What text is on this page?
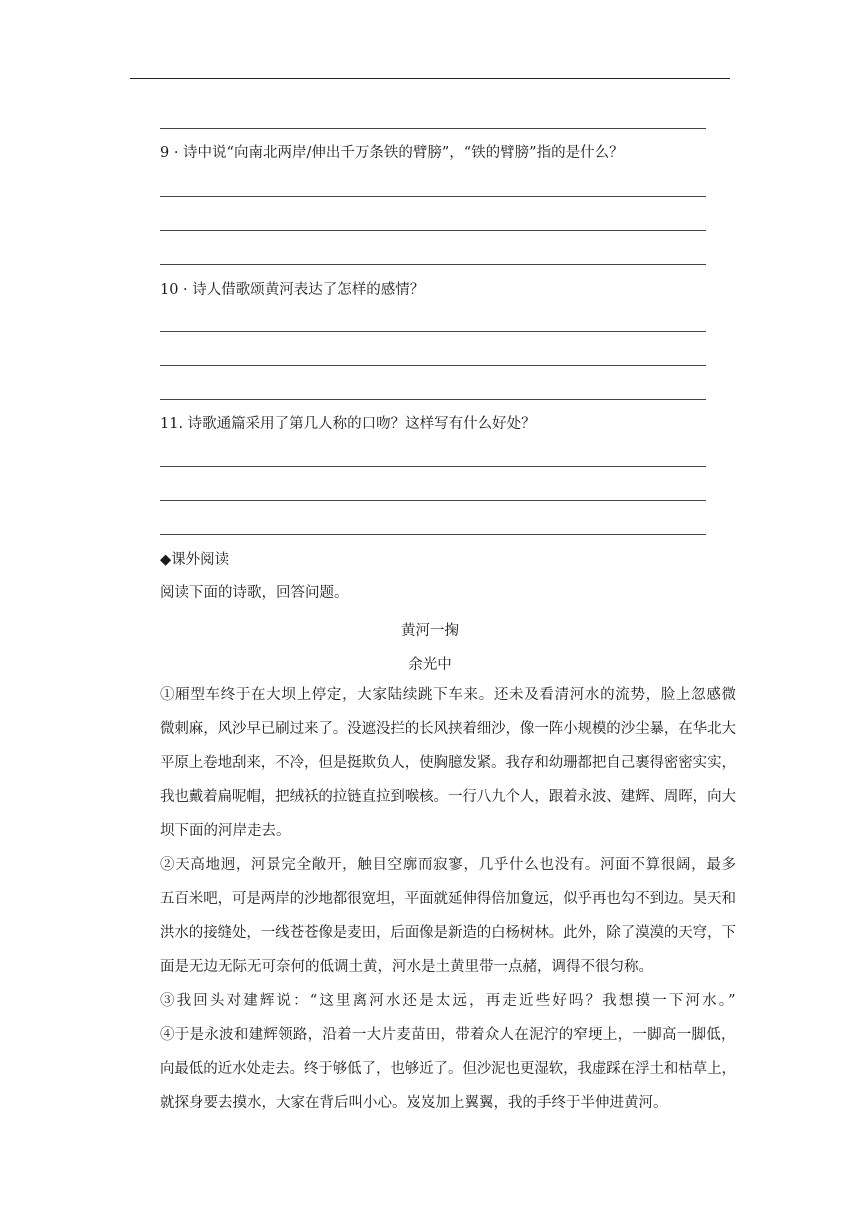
9 · 诗中说“向南北两岸/伸出千万条铁的臂膀”，“铁的臂膀”指的是什么？
10 · 诗人借歌颂黄河表达了怎样的感情？
11. 诗歌通篇采用了第几人称的口吻？这样写有什么好处？
◆课外阅读
阅读下面的诗歌，回答问题。
黄河一掬
余光中
①厢型车终于在大坝上停定，大家陆续跳下车来。还未及看清河水的流势，脸上忽感微
微刺麻，风沙早已刷过来了。没遮没拦的长风挟着细沙，像一阵小规模的沙尘暴，在华北大
平原上卷地刮来，不冷，但是挺欺负人，使胸臆发紧。我存和幼珊都把自己裹得密密实实，
我也戴着扁呢帽，把绒袄的拉链直拉到喉核。一行八九个人，跟着永波、建辉、周晖，向大
坝下面的河岸走去。
②天高地迥，河景完全敞开，触目空廓而寂寥，几乎什么也没有。河面不算很阔，最多
五百米吧，可是两岸的沙地都很宽坦，平面就延伸得倍加夐远，似乎再也勾不到边。昊天和
洪水的接缝处，一线苍苍像是麦田，后面像是新造的白杨树林。此外，除了漠漠的天穹，下
面是无边无际无可奈何的低调土黄，河水是土黄里带一点赭，调得不很匀称。
③我回头对建辉说：“这里离河水还是太远，再走近些好吗？我想摸一下河水。”
④于是永波和建辉领路，沿着一大片麦苗田，带着众人在泥泞的窄埂上，一脚高一脚低，
向最低的近水处走去。终于够低了，也够近了。但沙泥也更湿软，我虚踩在浮土和枯草上，
就探身要去摸水，大家在背后叫小心。岌岌加上翼翼，我的手终于半伸进黄河。
